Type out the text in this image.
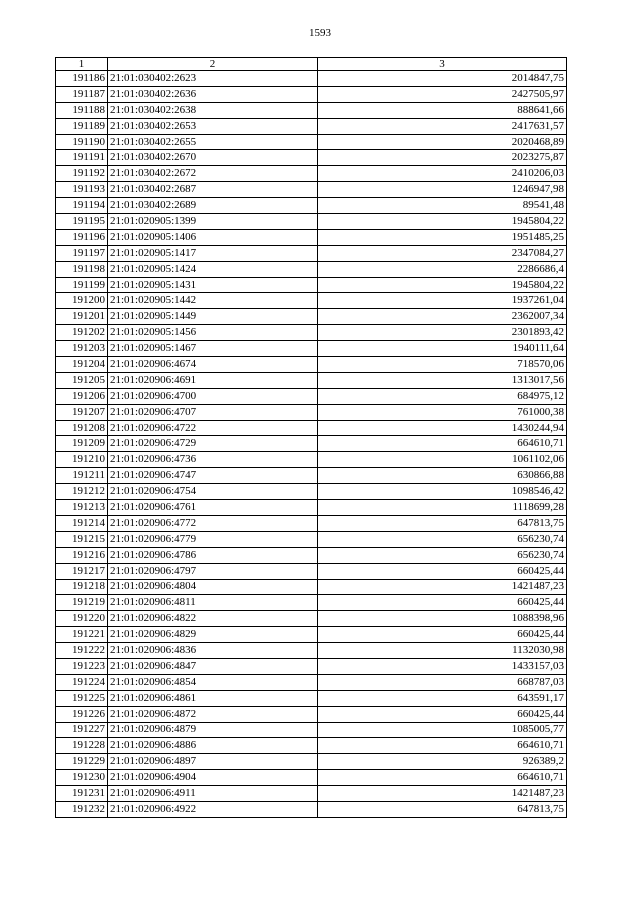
1593
1	2	3
191186	21:01:030402:2623	2014847,75
191187	21:01:030402:2636	2427505,97
191188	21:01:030402:2638	888641,66
191189	21:01:030402:2653	2417631,57
191190	21:01:030402:2655	2020468,89
191191	21:01:030402:2670	2023275,87
191192	21:01:030402:2672	2410206,03
191193	21:01:030402:2687	1246947,98
191194	21:01:030402:2689	89541,48
191195	21:01:020905:1399	1945804,22
191196	21:01:020905:1406	1951485,25
191197	21:01:020905:1417	2347084,27
191198	21:01:020905:1424	2286686,4
191199	21:01:020905:1431	1945804,22
191200	21:01:020905:1442	1937261,04
191201	21:01:020905:1449	2362007,34
191202	21:01:020905:1456	2301893,42
191203	21:01:020905:1467	1940111,64
191204	21:01:020906:4674	718570,06
191205	21:01:020906:4691	1313017,56
191206	21:01:020906:4700	684975,12
191207	21:01:020906:4707	761000,38
191208	21:01:020906:4722	1430244,94
191209	21:01:020906:4729	664610,71
191210	21:01:020906:4736	1061102,06
191211	21:01:020906:4747	630866,88
191212	21:01:020906:4754	1098546,42
191213	21:01:020906:4761	1118699,28
191214	21:01:020906:4772	647813,75
191215	21:01:020906:4779	656230,74
191216	21:01:020906:4786	656230,74
191217	21:01:020906:4797	660425,44
191218	21:01:020906:4804	1421487,23
191219	21:01:020906:4811	660425,44
191220	21:01:020906:4822	1088398,96
191221	21:01:020906:4829	660425,44
191222	21:01:020906:4836	1132030,98
191223	21:01:020906:4847	1433157,03
191224	21:01:020906:4854	668787,03
191225	21:01:020906:4861	643591,17
191226	21:01:020906:4872	660425,44
191227	21:01:020906:4879	1085005,77
191228	21:01:020906:4886	664610,71
191229	21:01:020906:4897	926389,2
191230	21:01:020906:4904	664610,71
191231	21:01:020906:4911	1421487,23
191232	21:01:020906:4922	647813,75
